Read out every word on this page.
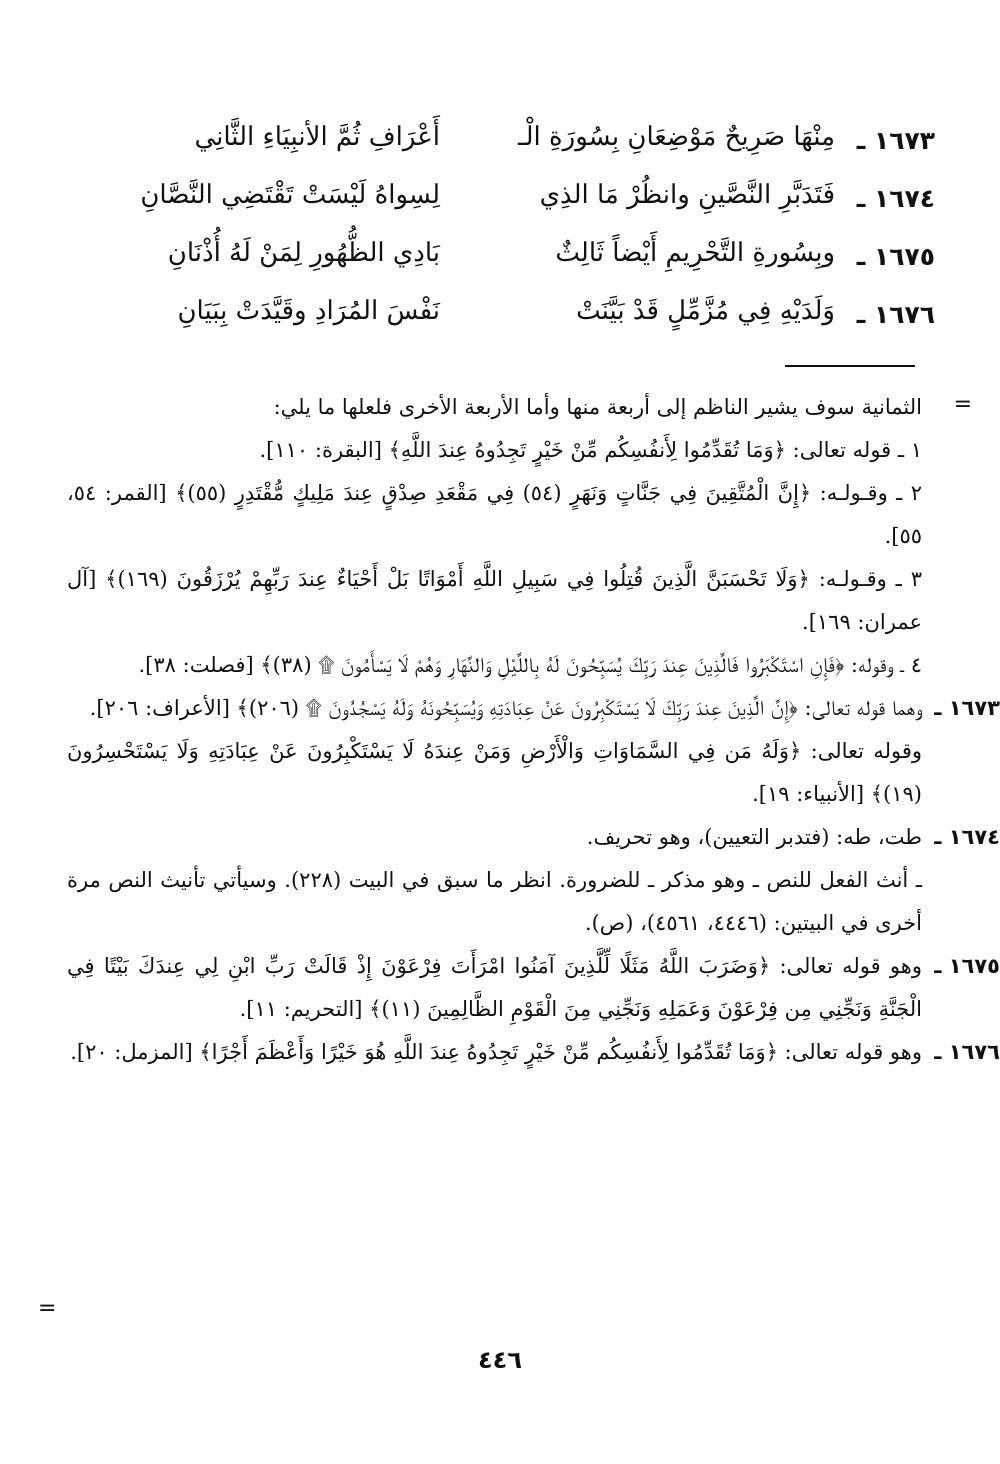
١٦٧٣ ـ
مِنْهَا صَرِيحٌ مَوْضِعَانِ بِسُورَةِ الْـ
أَعْرَافِ ثُمَّ الأنبِيَاءِ الثَّانِي
١٦٧٤ ـ
فَتَدَبَّرِ النَّصَّينِ وانظُرْ مَا الذِي
لِسِواهُ لَيْسَتْ تَقْتَضِي النَّصَّانِ
١٦٧٥ ـ
وبِسُورةِ التَّحْرِيمِ أَيْضاً ثَالِثٌ
بَادِي الظُّهُورِ لِمَنْ لَهُ أُذْنَانِ
١٦٧٦ ـ
وَلَدَيْهِ فِي مُزَّمِّلٍ قَدْ بَيَّنَتْ
نَفْسَ المُرَادِ وقَيَّدَتْ بِبَيَانِ
=

الثمانية سوف يشير الناظم إلى أربعة منها وأما الأربعة الأخرى فلعلها ما يلي:

١ ـ قوله تعالى: ﴿وَمَا تُقَدِّمُوا لِأَنفُسِكُم مِّنْ خَيْرٍ تَجِدُوهُ عِندَ اللَّهِ﴾ [البقرة: ١١٠].

٢ ـ وقـولـه: ﴿إِنَّ الْمُتَّقِينَ فِي جَنَّاتٍ وَنَهَرٍ (٥٤) فِي مَقْعَدِ صِدْقٍ عِندَ مَلِيكٍ مُّقْتَدِرٍ (٥٥)﴾ [القمر: ٥٤، ٥٥].

٣ ـ وقـولـه: ﴿وَلَا تَحْسَبَنَّ الَّذِينَ قُتِلُوا فِي سَبِيلِ اللَّهِ أَمْوَاتًا بَلْ أَحْيَاءٌ عِندَ رَبِّهِمْ يُرْزَقُونَ (١٦٩)﴾ [آل عمران: ١٦٩].

٤ ـ وقوله: ﴿فَإِنِ اسْتَكْبَرُوا فَالَّذِينَ عِندَ رَبِّكَ يُسَبِّحُونَ لَهُ بِاللَّيْلِ وَالنَّهَارِ وَهُمْ لَا يَسْأَمُونَ ۩ (٣٨)﴾ [فصلت: ٣٨].

١٦٧٣ ـ

وهما قوله تعالى: ﴿إِنَّ الَّذِينَ عِندَ رَبِّكَ لَا يَسْتَكْبِرُونَ عَنْ عِبَادَتِهِ وَيُسَبِّحُونَهُ وَلَهُ يَسْجُدُونَ ۩ (٢٠٦)﴾ [الأعراف: ٢٠٦].

وقوله تعالى: ﴿وَلَهُ مَن فِي السَّمَاوَاتِ وَالْأَرْضِ وَمَنْ عِندَهُ لَا يَسْتَكْبِرُونَ عَنْ عِبَادَتِهِ وَلَا يَسْتَحْسِرُونَ (١٩)﴾ [الأنبياء: ١٩].

١٦٧٤ ـ

طت، طه: (فتدبر التعيين)، وهو تحريف.

ـ أنث الفعل للنص ـ وهو مذكر ـ للضرورة. انظر ما سبق في البيت (٢٢٨). وسيأتي تأنيث النص مرة أخرى في البيتين: (٤٤٤٦، ٤٥٦١)، (ص).

١٦٧٥ ـ

وهو قوله تعالى: ﴿وَضَرَبَ اللَّهُ مَثَلًا لِّلَّذِينَ آمَنُوا امْرَأَتَ فِرْعَوْنَ إِذْ قَالَتْ رَبِّ ابْنِ لِي عِندَكَ بَيْتًا فِي الْجَنَّةِ وَنَجِّنِي مِن فِرْعَوْنَ وَعَمَلِهِ وَنَجِّنِي مِنَ الْقَوْمِ الظَّالِمِينَ (١١)﴾ [التحريم: ١١].

١٦٧٦ ـ

وهو قوله تعالى: ﴿وَمَا تُقَدِّمُوا لِأَنفُسِكُم مِّنْ خَيْرٍ تَجِدُوهُ عِندَ اللَّهِ هُوَ خَيْرًا وَأَعْظَمَ أَجْرًا﴾ [المزمل: ٢٠].

=
٤٤٦
